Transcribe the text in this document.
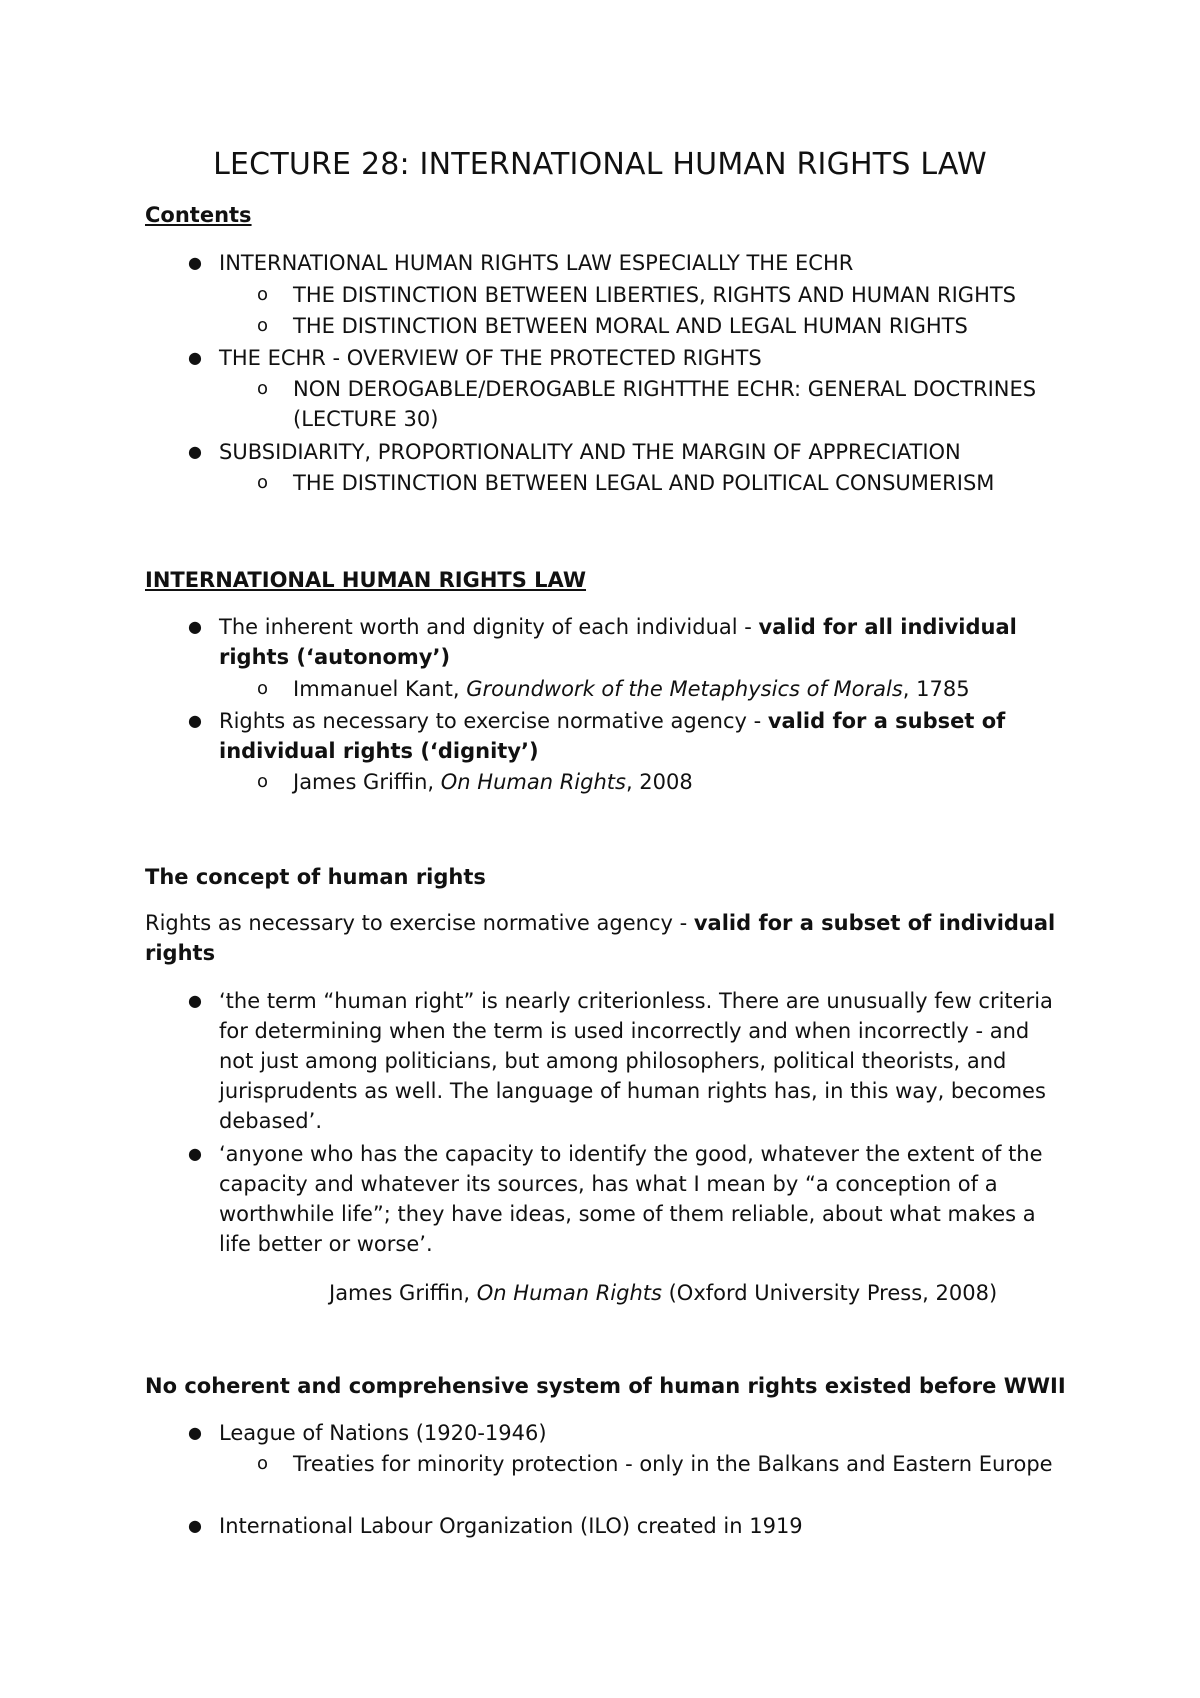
LECTURE 28: INTERNATIONAL HUMAN RIGHTS LAW
Contents
● INTERNATIONAL HUMAN RIGHTS LAW ESPECIALLY THE ECHR
o THE DISTINCTION BETWEEN LIBERTIES, RIGHTS AND HUMAN RIGHTS
o THE DISTINCTION BETWEEN MORAL AND LEGAL HUMAN RIGHTS
● THE ECHR - OVERVIEW OF THE PROTECTED RIGHTS
o NON DEROGABLE/DEROGABLE RIGHTTHE ECHR: GENERAL DOCTRINES (LECTURE 30)
● SUBSIDIARITY, PROPORTIONALITY AND THE MARGIN OF APPRECIATION
o THE DISTINCTION BETWEEN LEGAL AND POLITICAL CONSUMERISM
INTERNATIONAL HUMAN RIGHTS LAW
● The inherent worth and dignity of each individual - valid for all individual rights (‘autonomy’)
o Immanuel Kant, Groundwork of the Metaphysics of Morals, 1785
● Rights as necessary to exercise normative agency - valid for a subset of individual rights (‘dignity’)
o James Griffin, On Human Rights, 2008
The concept of human rights
Rights as necessary to exercise normative agency - valid for a subset of individual rights
● ‘the term “human right” is nearly criterionless. There are unusually few criteria for determining when the term is used incorrectly and when incorrectly - and not just among politicians, but among philosophers, political theorists, and jurisprudents as well. The language of human rights has, in this way, becomes debased’.
● ‘anyone who has the capacity to identify the good, whatever the extent of the capacity and whatever its sources, has what I mean by “a conception of a worthwhile life”; they have ideas, some of them reliable, about what makes a life better or worse’.
James Griffin, On Human Rights (Oxford University Press, 2008)
No coherent and comprehensive system of human rights existed before WWII
● League of Nations (1920-1946)
o Treaties for minority protection - only in the Balkans and Eastern Europe
● International Labour Organization (ILO) created in 1919
